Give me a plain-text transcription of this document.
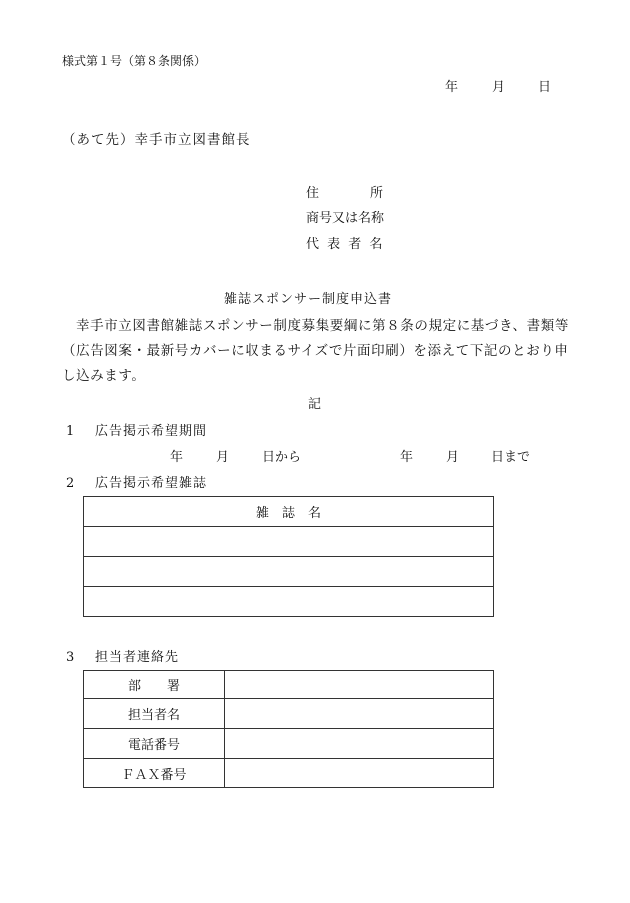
様式第１号（第８条関係）
年	月	日
（あて先）幸手市立図書館長
住	所
商号又は名称
代 表 者 名
雑誌スポンサー制度申込書
幸手市立図書館雑誌スポンサー制度募集要綱に第８条の規定に基づき、書類等（広告図案・最新号カバーに収まるサイズで片面印刷）を添えて下記のとおり申し込みます。
記
1 広告掲示希望期間
年	月	日から	年	月 日まで
2 広告掲示希望雑誌
雑　誌　名

3 担当者連絡先
部　　署	
担当者名	
電話番号	
ＦＡＸ番号	
